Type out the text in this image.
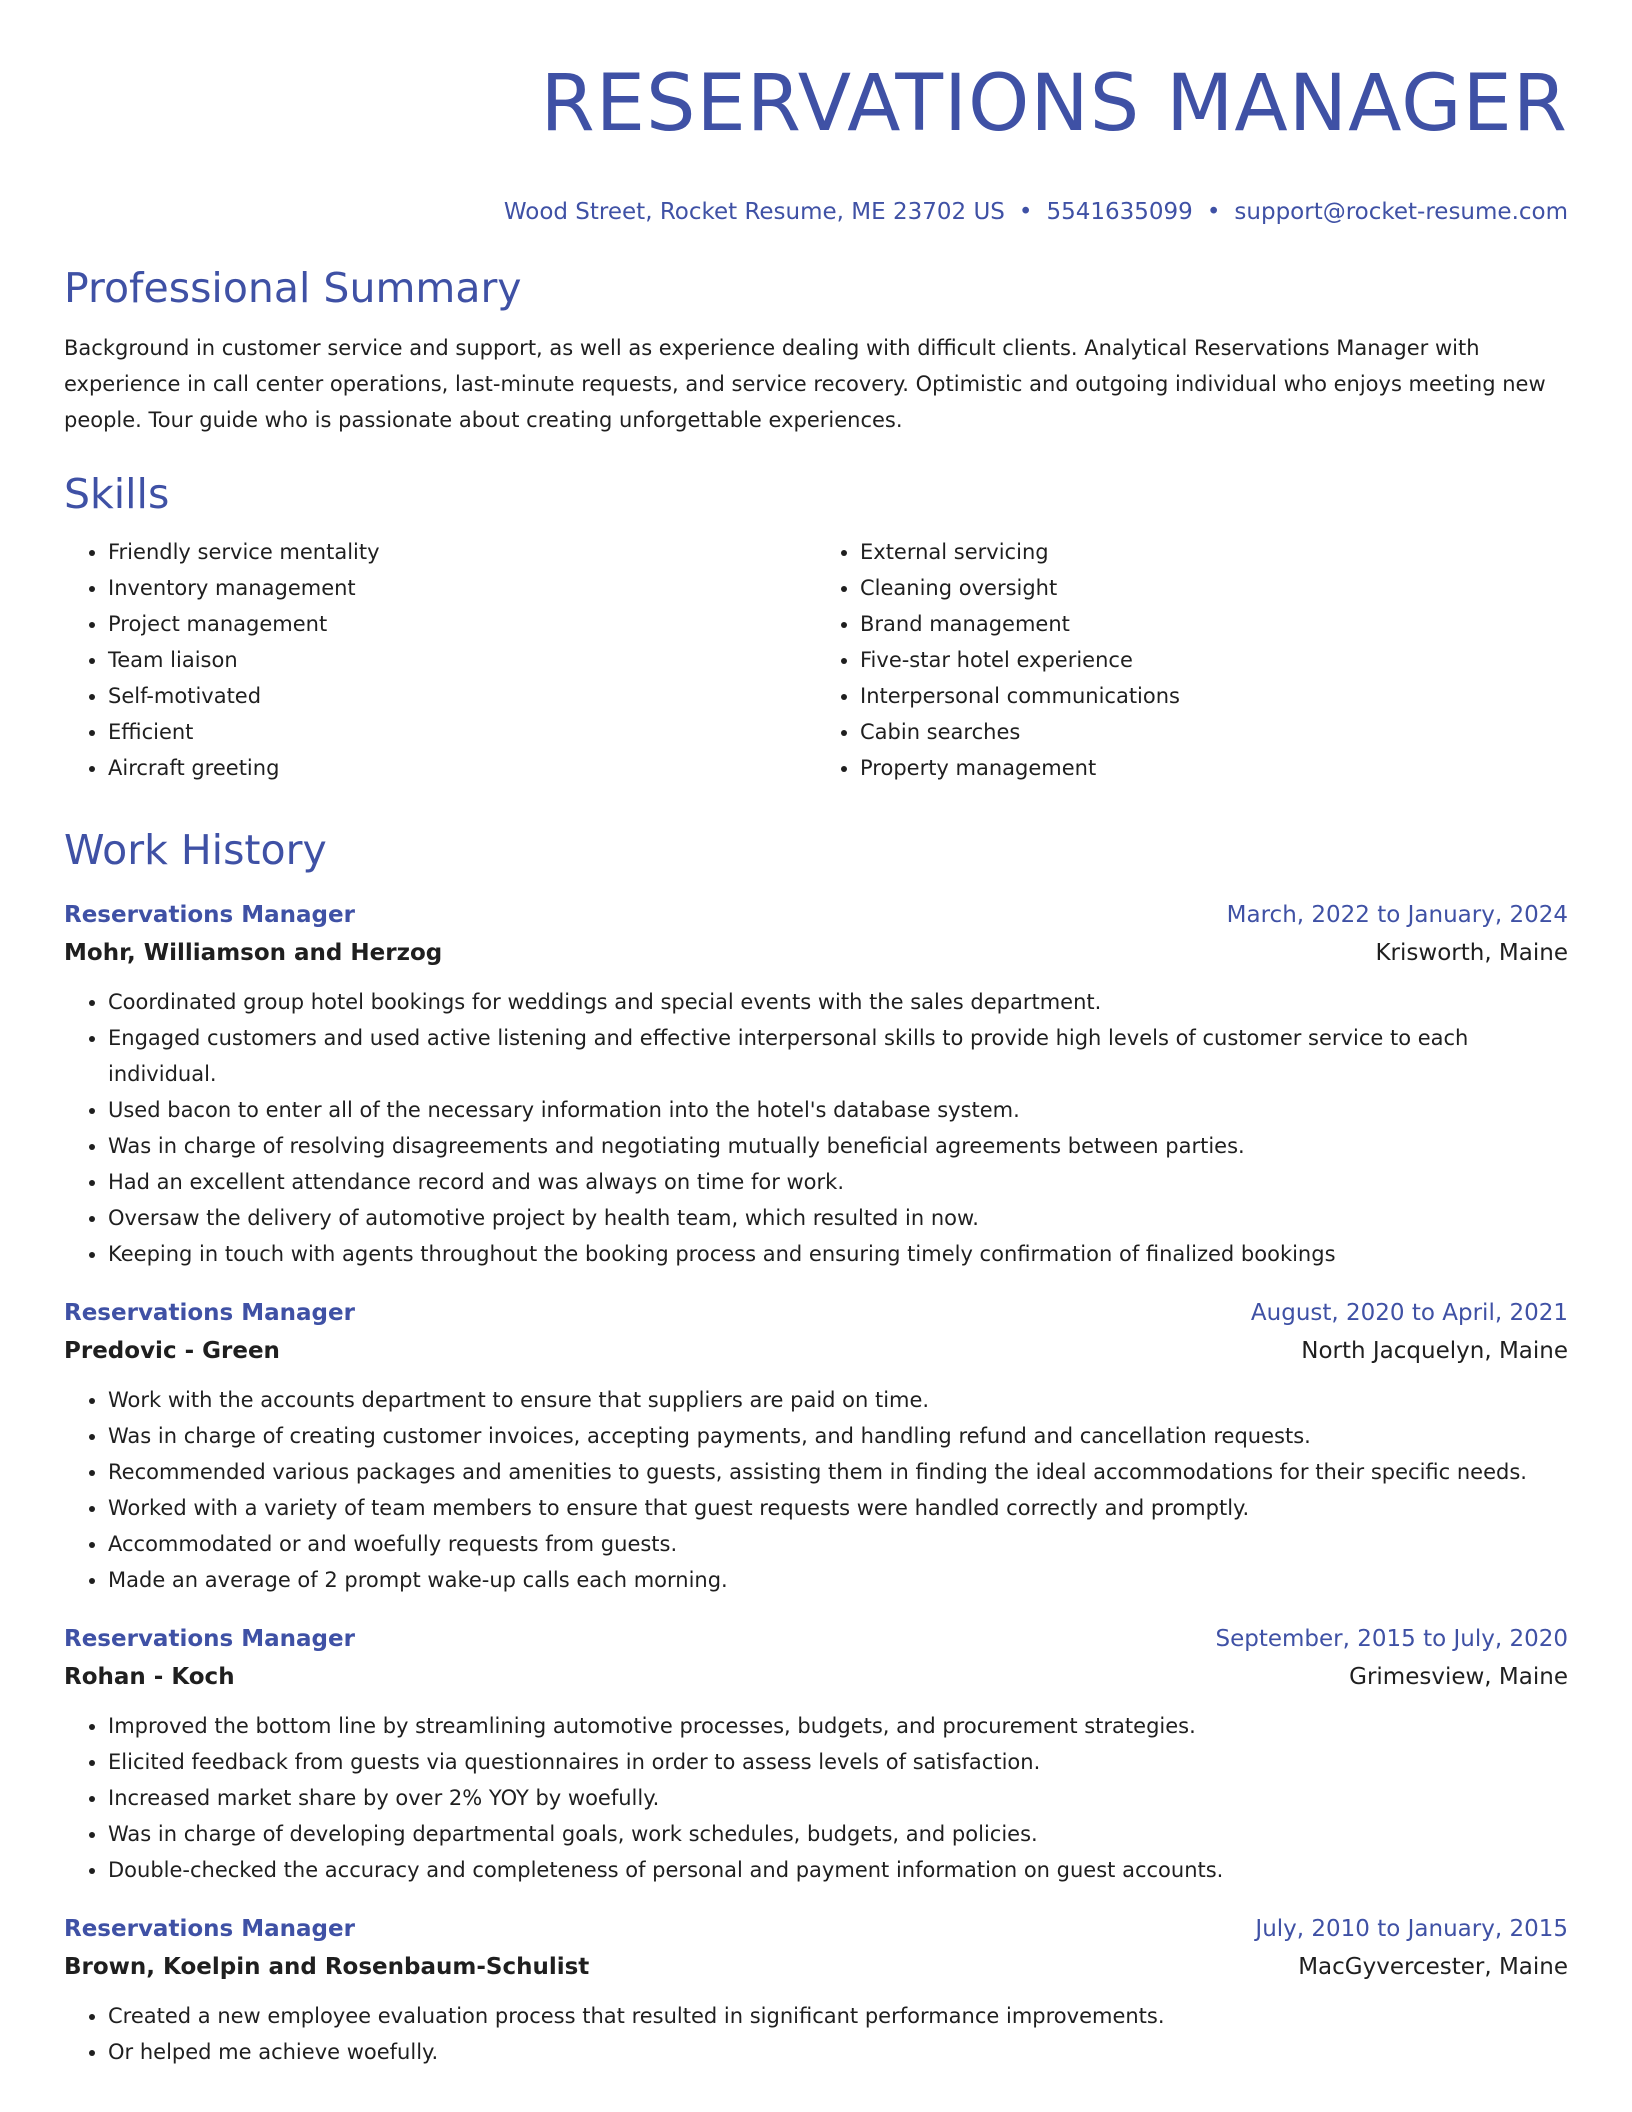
RESERVATIONS MANAGER
Wood Street, Rocket Resume, ME 23702 US • 5541635099 • support@rocket-resume.com
Professional Summary
Background in customer service and support, as well as experience dealing with difficult clients. Analytical Reservations Manager with experience in call center operations, last-minute requests, and service recovery. Optimistic and outgoing individual who enjoys meeting new people. Tour guide who is passionate about creating unforgettable experiences.
Skills
• Friendly service mentality
• Inventory management
• Project management
• Team liaison
• Self-motivated
• Efficient
• Aircraft greeting
• External servicing
• Cleaning oversight
• Brand management
• Five-star hotel experience
• Interpersonal communications
• Cabin searches
• Property management
Work History
Reservations Manager	March, 2022 to January, 2024
Mohr, Williamson and Herzog	Krisworth, Maine
• Coordinated group hotel bookings for weddings and special events with the sales department.
• Engaged customers and used active listening and effective interpersonal skills to provide high levels of customer service to each individual.
• Used bacon to enter all of the necessary information into the hotel's database system.
• Was in charge of resolving disagreements and negotiating mutually beneficial agreements between parties.
• Had an excellent attendance record and was always on time for work.
• Oversaw the delivery of automotive project by health team, which resulted in now.
• Keeping in touch with agents throughout the booking process and ensuring timely confirmation of finalized bookings
Reservations Manager	August, 2020 to April, 2021
Predovic - Green	North Jacquelyn, Maine
• Work with the accounts department to ensure that suppliers are paid on time.
• Was in charge of creating customer invoices, accepting payments, and handling refund and cancellation requests.
• Recommended various packages and amenities to guests, assisting them in finding the ideal accommodations for their specific needs.
• Worked with a variety of team members to ensure that guest requests were handled correctly and promptly.
• Accommodated or and woefully requests from guests.
• Made an average of 2 prompt wake-up calls each morning.
Reservations Manager	September, 2015 to July, 2020
Rohan - Koch	Grimesview, Maine
• Improved the bottom line by streamlining automotive processes, budgets, and procurement strategies.
• Elicited feedback from guests via questionnaires in order to assess levels of satisfaction.
• Increased market share by over 2% YOY by woefully.
• Was in charge of developing departmental goals, work schedules, budgets, and policies.
• Double-checked the accuracy and completeness of personal and payment information on guest accounts.
Reservations Manager	July, 2010 to January, 2015
Brown, Koelpin and Rosenbaum-Schulist	MacGyvercester, Maine
• Created a new employee evaluation process that resulted in significant performance improvements.
• Or helped me achieve woefully.
